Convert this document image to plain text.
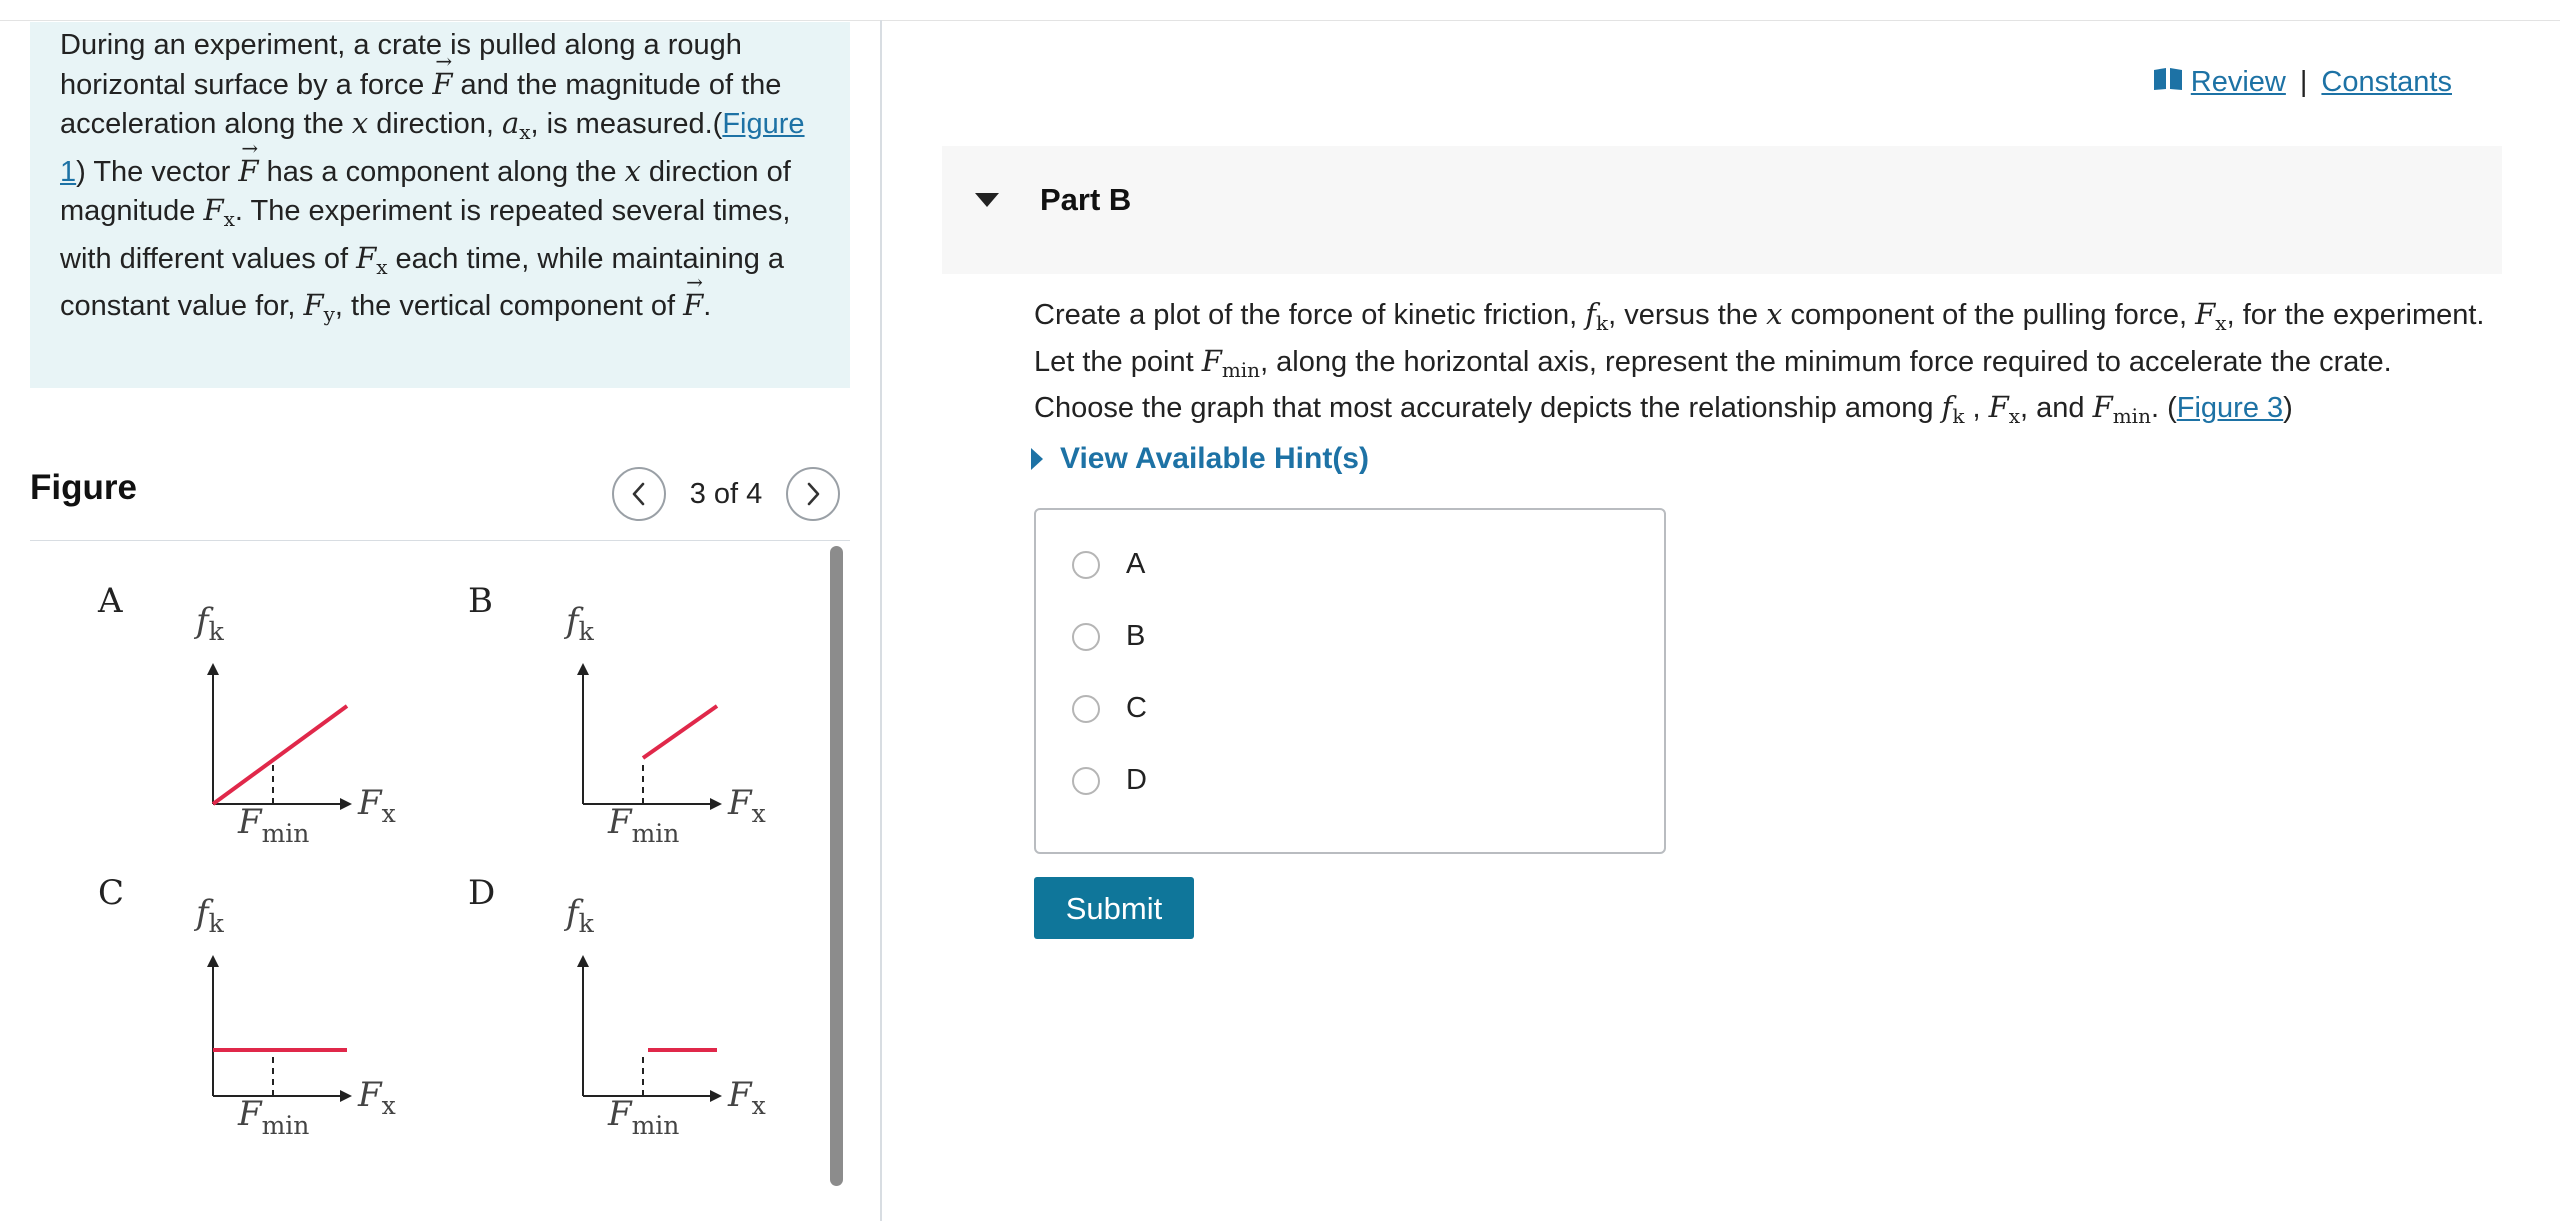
During an experiment, a crate is pulled along a rough horizontal surface by a force → F and the magnitude of the acceleration along the x direction, $a_x$, is measured.(Figure 1) The vector → F has a component along the x direction of magnitude $F_x$. The experiment is repeated several times, with different values of $F_x$ each time, while maintaining a constant value for, $F_y$, the vertical component of → F.

Figure	3 of 4
A $f_k$
$F_x$
$F_{min}$
B $f_k$
$F_x$
$F_{min}$
C $f_k$
$F_x$
$F_{min}$
D $f_k$
$F_x$
$F_{min}$
Review | Constants
Part B

Create a plot of the force of kinetic friction, $f_k$, versus the x component of the pulling force, $F_x$, for the experiment. Let the point $F_{min}$, along the horizontal axis, represent the minimum force required to accelerate the crate. Choose the graph that most accurately depicts the relationship among $f_k$ , $F_x$, and $F_{min}$. (Figure 3)

View Available Hint(s)
A
B
C
D
Submit
